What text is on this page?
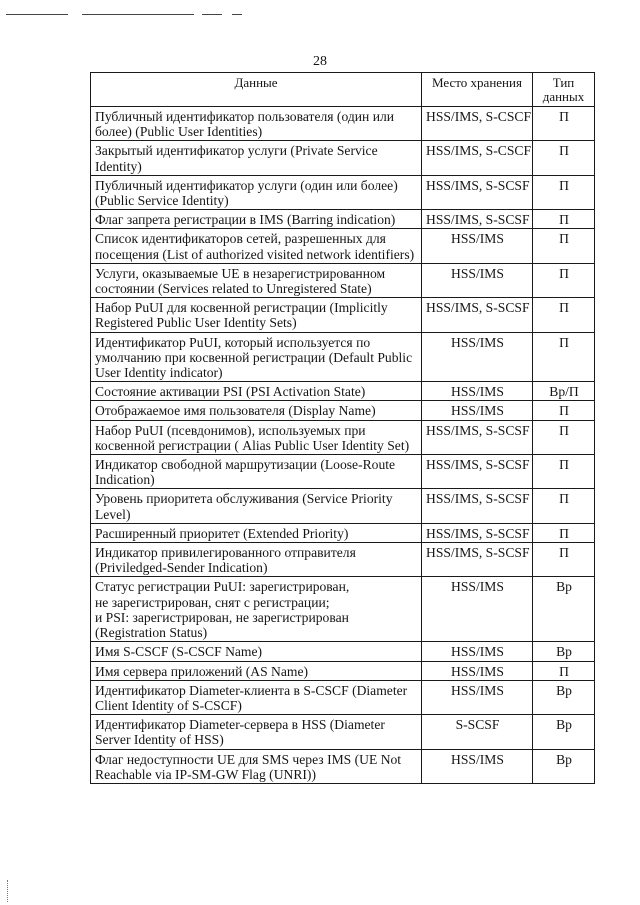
28
Данные	Место хранения	Тип данных
Публичный идентификатор пользователя (один или более) (Public User Identities)	HSS/IMS, S-CSCF	П
Закрытый идентификатор услуги (Private Service Identity)	HSS/IMS, S-CSCF	П
Публичный идентификатор услуги (один или более) (Public Service Identity)	HSS/IMS, S-SCSF	П
Флаг запрета регистрации в IMS (Barring indication)	HSS/IMS, S-SCSF	П
Список идентификаторов сетей, разрешенных для посещения (List of authorized visited network identifiers)	HSS/IMS	П
Услуги, оказываемые UE в незарегистрированном состоянии (Services related to Unregistered State)	HSS/IMS	П
Набор PuUI для косвенной регистрации (Implicitly Registered Public User Identity Sets)	HSS/IMS, S-SCSF	П
Идентификатор PuUI, который используется по умолчанию при косвенной регистрации (Default Public User Identity indicator)	HSS/IMS	П
Состояние активации PSI (PSI Activation State)	HSS/IMS	Вр/П
Отображаемое имя пользователя (Display Name)	HSS/IMS	П
Набор PuUI (псевдонимов), используемых при косвенной регистрации ( Alias Public User Identity Set)	HSS/IMS, S-SCSF	П
Индикатор свободной маршрутизации (Loose-Route Indication)	HSS/IMS, S-SCSF	П
Уровень приоритета обслуживания (Service Priority Level)	HSS/IMS, S-SCSF	П
Расширенный приоритет (Extended Priority)	HSS/IMS, S-SCSF	П
Индикатор привилегированного отправителя (Priviledged-Sender Indication)	HSS/IMS, S-SCSF	П
Статус регистрации PuUI: зарегистрирован,
не зарегистрирован, снят с регистрации;
и PSI: зарегистрирован, не зарегистрирован
(Registration Status)	HSS/IMS	Вр
Имя S-CSCF (S-CSCF Name)	HSS/IMS	Вр
Имя сервера приложений (AS Name)	HSS/IMS	П
Идентификатор Diameter-клиента в S-CSCF (Diameter Client Identity of S-CSCF)	HSS/IMS	Вр
Идентификатор Diameter-сервера в HSS (Diameter Server Identity of HSS)	S-SCSF	Вр
Флаг недоступности UE для SMS через IMS (UE Not Reachable via IP-SM-GW Flag (UNRI))	HSS/IMS	Вр
